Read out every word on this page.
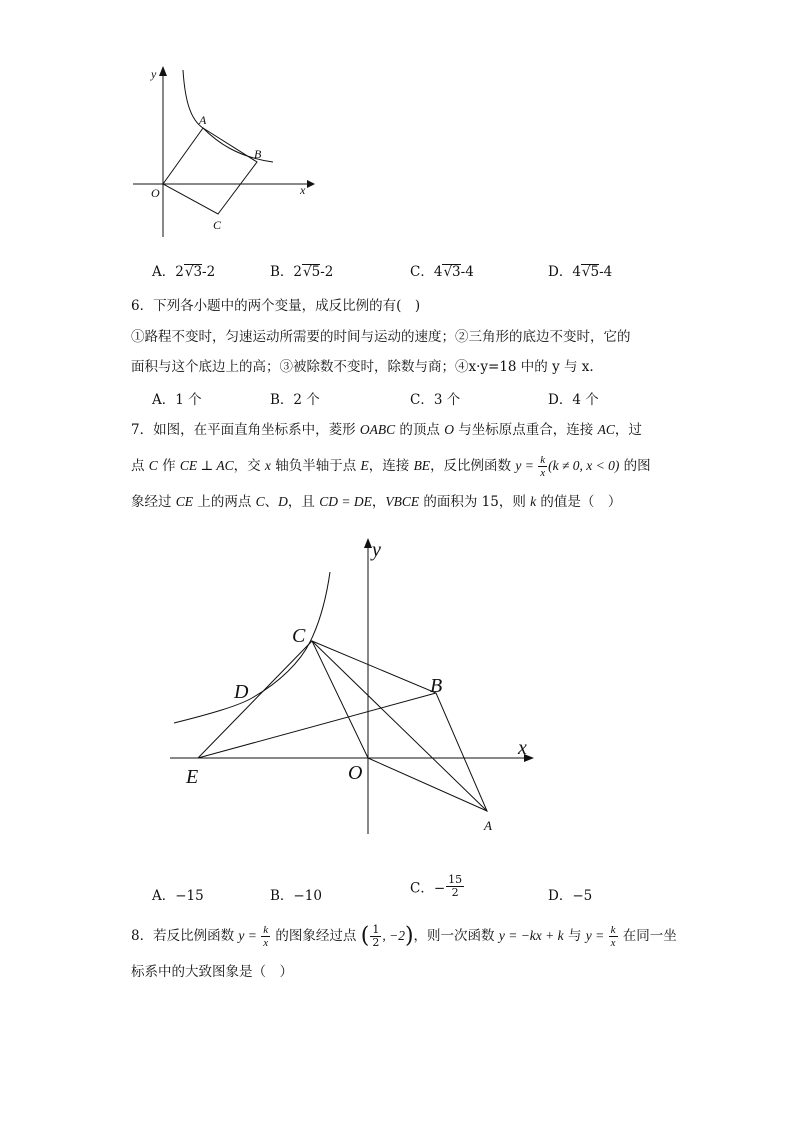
y
x
O
A
B
C
A．2√3-2	B．2√5-2	C．4√3-4	D．4√5-4
6．下列各小题中的两个变量，成反比例的有(　)
①路程不变时，匀速运动所需要的时间与运动的速度；②三角形的底边不变时，它的
面积与这个底边上的高；③被除数不变时，除数与商；④x·y=18 中的 y 与 x.
A．1 个	B．2 个	C．3 个	D．4 个
7．如图，在平面直角坐标系中，菱形 OABC 的顶点 O 与坐标原点重合，连接 AC，过
点 C 作 CE ⊥ AC，交 x 轴负半轴于点 E，连接 BE，反比例函数 $y = \frac{k}{x} (k \ne 0$, x < 0) 的图
象经过 CE 上的两点 C、D，且 CD = DE，VBCE 的面积为 15，则 k 的值是（　）
y
x
C
D	B
E	O
A
A．−15	B．−10	C．− $\frac{15}{2}$	D．−5
8．若反比例函数 $y = \frac{k}{x}$ 的图象经过点 ( $\frac{1}{2}$ , −2)，则一次函数 y = −kx + k 与 $y = \frac{k}{x}$ 在同一坐
标系中的大致图象是（　）
